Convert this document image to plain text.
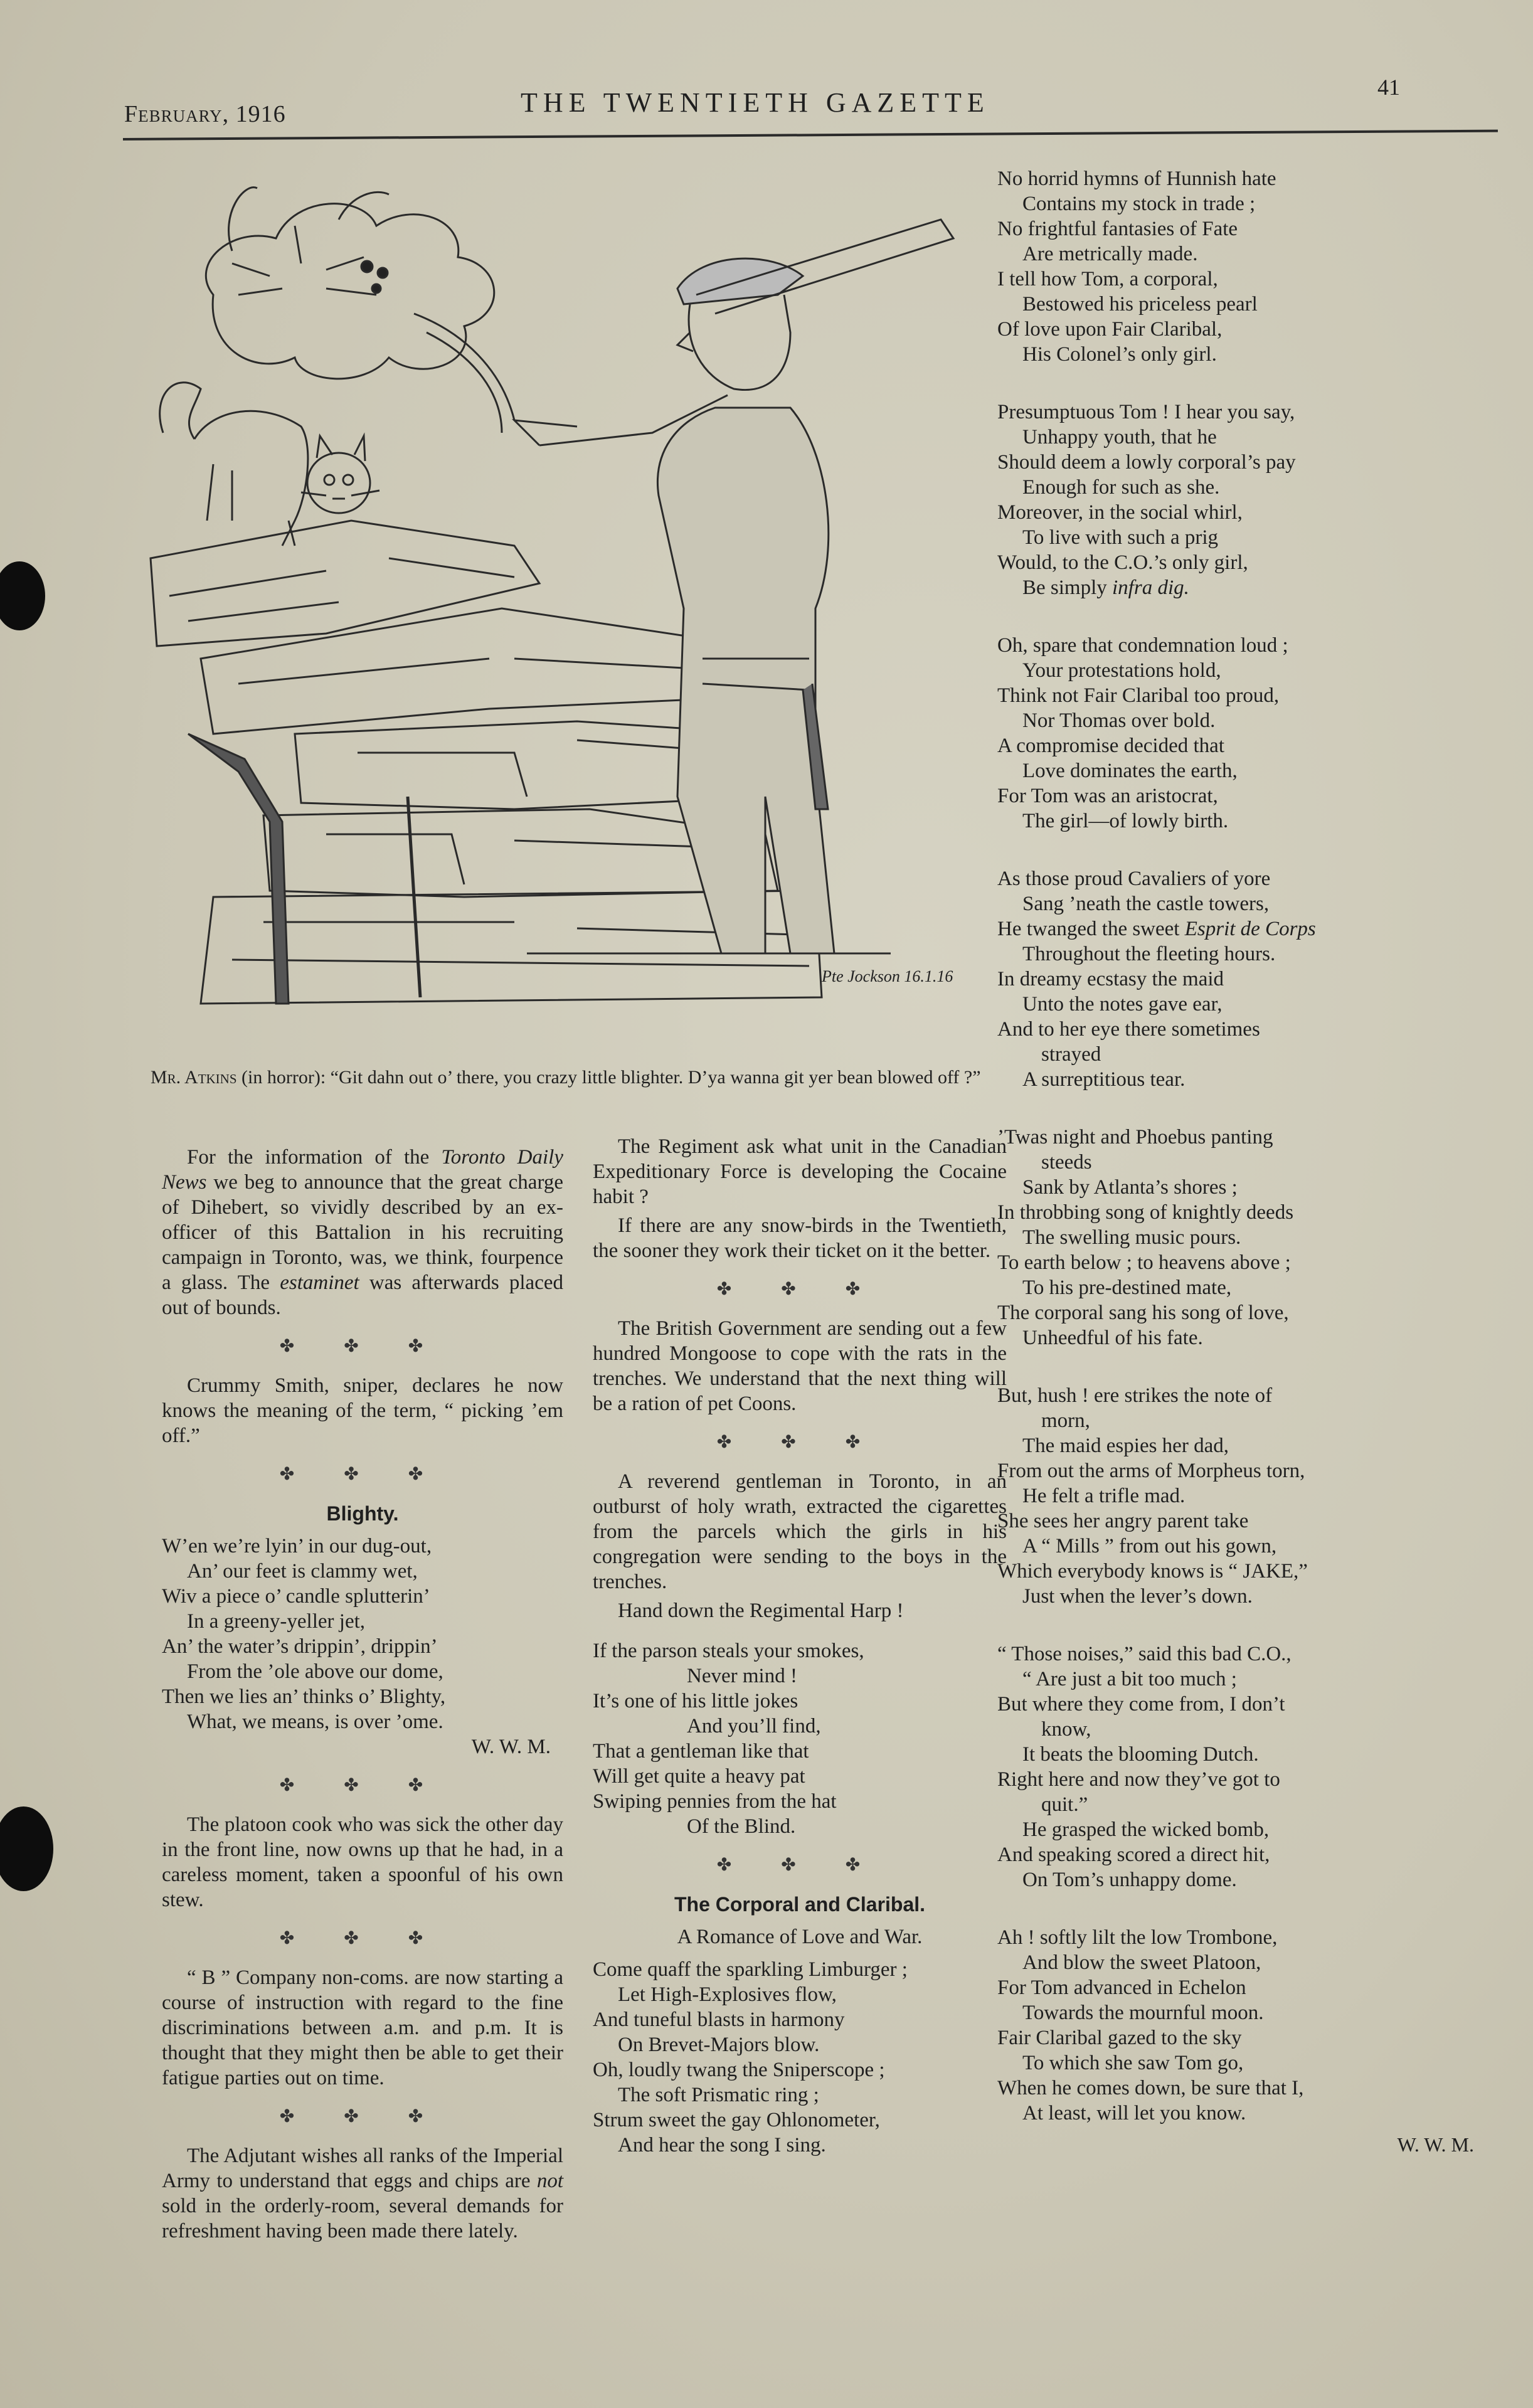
February, 1916	THE TWENTIETH GAZETTE	41
Pte Jockson 16.1.16
Mr. Atkins (in horror): “Git dahn out o’ there, you crazy little blighter. D’ya wanna git yer bean blowed off ?”

For the information of the Toronto Daily News we beg to announce that the great charge of Dihebert, so vividly described by an ex-officer of this Battalion in his recruiting campaign in Toronto, was, we think, fourpence a glass. The estaminet was afterwards placed out of bounds.

✤ ✤ ✤

Crummy Smith, sniper, declares he now knows the meaning of the term, “ picking ’em off.”

✤ ✤ ✤
Blighty.
W’en we’re lyin’ in our dug-out,
An’ our feet is clammy wet,
Wiv a piece o’ candle splutterin’
In a greeny-yeller jet,
An’ the water’s drippin’, drippin’
From the ’ole above our dome,
Then we lies an’ thinks o’ Blighty,
What, we means, is over ’ome.
W. W. M.
✤ ✤ ✤

The platoon cook who was sick the other day in the front line, now owns up that he had, in a careless moment, taken a spoonful of his own stew.

✤ ✤ ✤

“ B ” Company non-coms. are now starting a course of instruction with regard to the fine discriminations between a.m. and p.m. It is thought that they might then be able to get their fatigue parties out on time.

✤ ✤ ✤

The Adjutant wishes all ranks of the Imperial Army to understand that eggs and chips are not sold in the orderly-room, several demands for refreshment having been made there lately.

The Regiment ask what unit in the Canadian Expeditionary Force is developing the Cocaine habit ?

If there are any snow-birds in the Twentieth, the sooner they work their ticket on it the better.

✤ ✤ ✤

The British Government are sending out a few hundred Mongoose to cope with the rats in the trenches. We understand that the next thing will be a ration of pet Coons.

✤ ✤ ✤

A reverend gentleman in Toronto, in an outburst of holy wrath, extracted the cigarettes from the parcels which the girls in his congregation were sending to the boys in the trenches.

Hand down the Regimental Harp !

If the parson steals your smokes,
Never mind !
It’s one of his little jokes
And you’ll find,
That a gentleman like that
Will get quite a heavy pat
Swiping pennies from the hat
Of the Blind.
✤ ✤ ✤
The Corporal and Claribal.
A Romance of Love and War.
Come quaff the sparkling Limburger ;
Let High-Explosives flow,
And tuneful blasts in harmony
On Brevet-Majors blow.
Oh, loudly twang the Sniperscope ;
The soft Prismatic ring ;
Strum sweet the gay Ohlonometer,
And hear the song I sing.
No horrid hymns of Hunnish hate
Contains my stock in trade ;
No frightful fantasies of Fate
Are metrically made.
I tell how Tom, a corporal,
Bestowed his priceless pearl
Of love upon Fair Claribal,
His Colonel’s only girl.
Presumptuous Tom ! I hear you say,
Unhappy youth, that he
Should deem a lowly corporal’s pay
Enough for such as she.
Moreover, in the social whirl,
To live with such a prig
Would, to the C.O.’s only girl,
Be simply infra dig.
Oh, spare that condemnation loud ;
Your protestations hold,
Think not Fair Claribal too proud,
Nor Thomas over bold.
A compromise decided that
Love dominates the earth,
For Tom was an aristocrat,
The girl—of lowly birth.
As those proud Cavaliers of yore
Sang ’neath the castle towers,
He twanged the sweet Esprit de Corps
Throughout the fleeting hours.
In dreamy ecstasy the maid
Unto the notes gave ear,
And to her eye there sometimes
strayed
A surreptitious tear.
’Twas night and Phoebus panting
steeds
Sank by Atlanta’s shores ;
In throbbing song of knightly deeds
The swelling music pours.
To earth below ; to heavens above ;
To his pre-destined mate,
The corporal sang his song of love,
Unheedful of his fate.
But, hush ! ere strikes the note of
morn,
The maid espies her dad,
From out the arms of Morpheus torn,
He felt a trifle mad.
She sees her angry parent take
A “ Mills ” from out his gown,
Which everybody knows is “ JAKE,”
Just when the lever’s down.
“ Those noises,” said this bad C.O.,
“ Are just a bit too much ;
But where they come from, I don’t
know,
It beats the blooming Dutch.
Right here and now they’ve got to
quit.”
He grasped the wicked bomb,
And speaking scored a direct hit,
On Tom’s unhappy dome.
Ah ! softly lilt the low Trombone,
And blow the sweet Platoon,
For Tom advanced in Echelon
Towards the mournful moon.
Fair Claribal gazed to the sky
To which she saw Tom go,
When he comes down, be sure that I,
At least, will let you know.
W. W. M.
